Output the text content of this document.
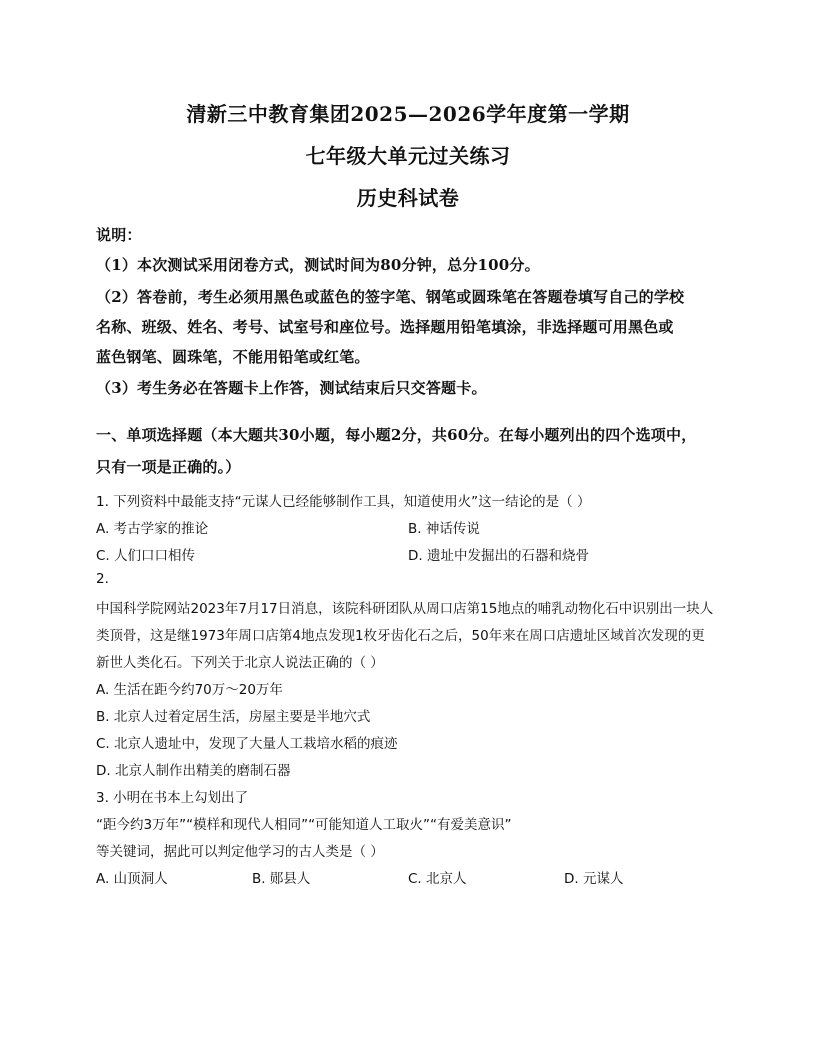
清新三中教育集团2025—2026学年度第一学期
七年级大单元过关练习
历史科试卷
说明：
（1）本次测试采用闭卷方式，测试时间为80分钟，总分100分。
（2）答卷前，考生必须用黑色或蓝色的签字笔、钢笔或圆珠笔在答题卷填写自己的学校
名称、班级、姓名、考号、试室号和座位号。选择题用铅笔填涂，非选择题可用黑色或
蓝色钢笔、圆珠笔，不能用铅笔或红笔。
（3）考生务必在答题卡上作答，测试结束后只交答题卡。
一、单项选择题（本大题共30小题，每小题2分，共60分。在每小题列出的四个选项中，
只有一项是正确的。）
1. 下列资料中最能支持“元谋人已经能够制作工具，知道使用火”这一结论的是（ ）
A. 考古学家的推论	B. 神话传说
C. 人们口口相传	D. 遗址中发掘出的石器和烧骨
2.
中国科学院网站2023年7月17日消息，该院科研团队从周口店第15地点的哺乳动物化石中识别出一块人
类顶骨，这是继1973年周口店第4地点发现1枚牙齿化石之后，50年来在周口店遗址区域首次发现的更
新世人类化石。下列关于北京人说法正确的（ ）
A. 生活在距今约70万～20万年
B. 北京人过着定居生活，房屋主要是半地穴式
C. 北京人遗址中，发现了大量人工栽培水稻的痕迹
D. 北京人制作出精美的磨制石器
3. 小明在书本上勾划出了
“距今约3万年”“模样和现代人相同”“可能知道人工取火”“有爱美意识”
等关键词，据此可以判定他学习的古人类是（ ）
A. 山顶洞人	B. 郧县人	C. 北京人	D. 元谋人
